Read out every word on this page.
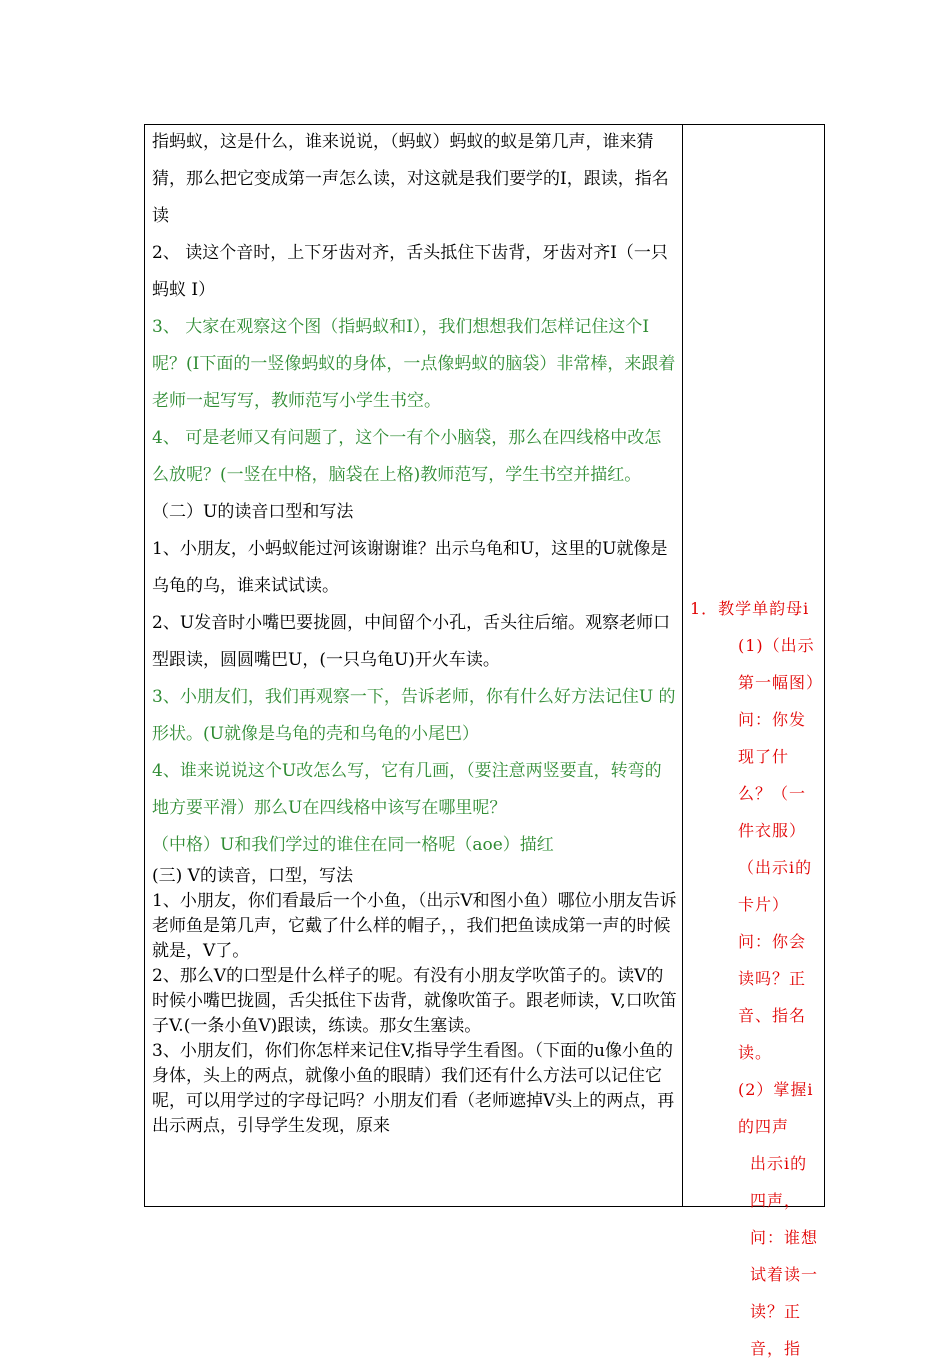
指蚂蚁，这是什么，谁来说说，（蚂蚁）蚂蚁的蚁是第几声，谁来猜猜，那么把它变成第一声怎么读，对这就是我们要学的I，跟读，指名读

2、 读这个音时，上下牙齿对齐，舌头抵住下齿背，牙齿对齐I（一只蚂蚁 I）

3、 大家在观察这个图（指蚂蚁和I），我们想想我们怎样记住这个I呢？(I下面的一竖像蚂蚁的身体，一点像蚂蚁的脑袋）非常棒，来跟着老师一起写写，教师范写小学生书空。

4、 可是老师又有问题了，这个一有个小脑袋，那么在四线格中改怎么放呢？(一竖在中格，脑袋在上格)教师范写，学生书空并描红。

（二）U的读音口型和写法

1、小朋友，小蚂蚁能过河该谢谢谁？出示乌龟和U，这里的U就像是乌龟的乌，谁来试试读。

2、U发音时小嘴巴要拢圆，中间留个小孔，舌头往后缩。观察老师口型跟读，圆圆嘴巴U，(一只乌龟U)开火车读。

3、小朋友们，我们再观察一下，告诉老师，你有什么好方法记住U 的形状。(U就像是乌龟的壳和乌龟的小尾巴）

4、谁来说说这个U改怎么写，它有几画，（要注意两竖要直，转弯的地方要平滑）那么U在四线格中该写在哪里呢？

（中格）U和我们学过的谁住在同一格呢（aoe）描红

(三) V的读音，口型，写法

1、小朋友，你们看最后一个小鱼，（出示V和图小鱼）哪位小朋友告诉老师鱼是第几声，它戴了什么样的帽子，，我们把鱼读成第一声的时候就是，V了。

2、那么V的口型是什么样子的呢。有没有小朋友学吹笛子的。读V的时候小嘴巴拢圆，舌尖抵住下齿背，就像吹笛子。跟老师读，V,口吹笛子V.(一条小鱼V)跟读，练读。那女生塞读。

3、小朋友们，你们你怎样来记住V,指导学生看图。（下面的u像小鱼的身体，头上的两点，就像小鱼的眼睛）我们还有什么方法可以记住它呢，可以用学过的字母记吗？小朋友们看（老师遮掉V头上的两点，再出示两点，引导学生发现，原来

1．教学单韵母i

(1)（出示第一幅图）问：你发现了什么？（一件衣服）

（出示i的卡片）问：你会读吗？正音、指名读。

(2）掌握i的四声

出示i的四声，问：谁想试着读一读？正音，指
